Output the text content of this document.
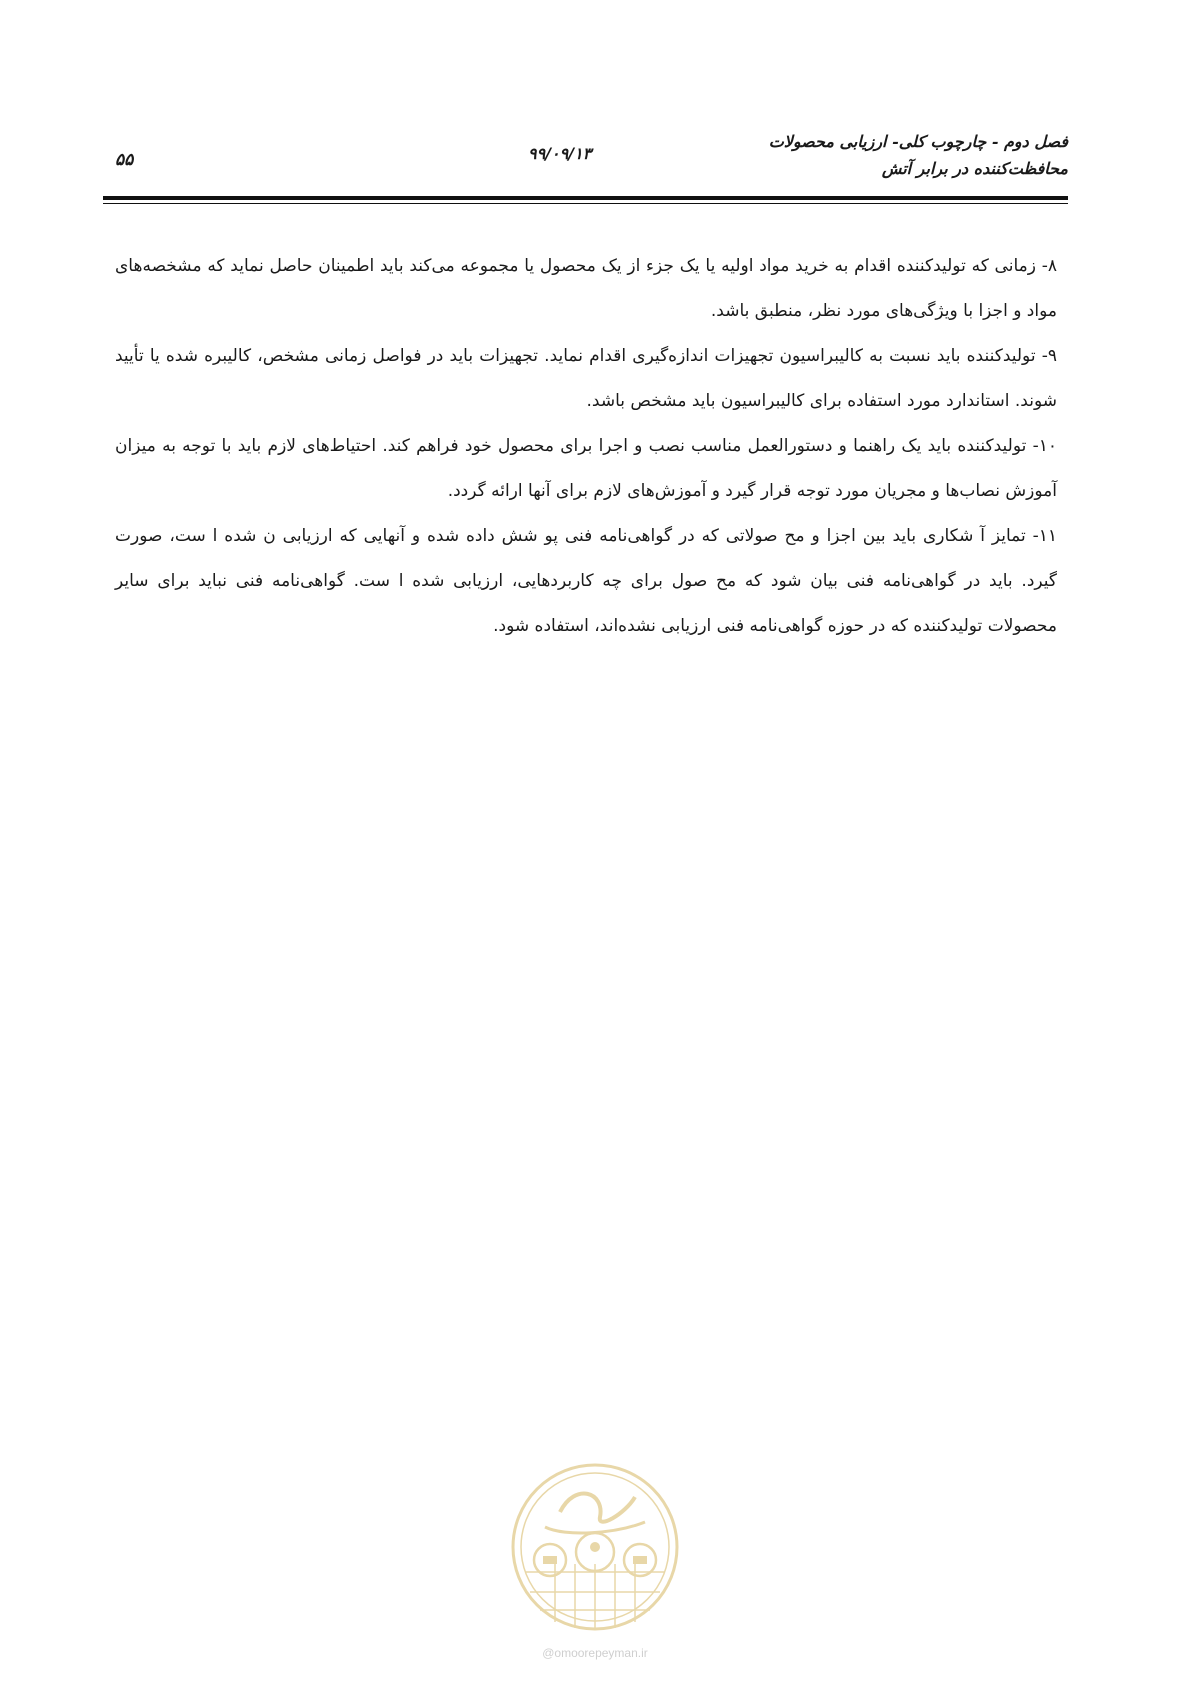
فصل دوم - چارچوب کلی- ارزیابی محصولات
محافظت‌کننده در برابر آتش
۹۹/۰۹/۱۳
۵۵

۸- زمانی که تولیدکننده اقدام به خرید مواد اولیه یا یک جزء از یک محصول یا مجموعه می‌کند باید اطمینان حاصل نماید که مشخصه‌های مواد و اجزا با ویژگی‌های مورد نظر، منطبق باشد.

۹- تولیدکننده باید نسبت به کالیبراسیون تجهیزات اندازه‌گیری اقدام نماید. تجهیزات باید در فواصل زمانی مشخص، کالیبره شده یا تأیید شوند. استاندارد مورد استفاده برای کالیبراسیون باید مشخص باشد.

۱۰- تولیدکننده باید یک راهنما و دستورالعمل مناسب نصب و اجرا برای محصول خود فراهم کند. احتیاط‌های لازم باید با توجه به میزان آموزش نصاب‌ها و مجریان مورد توجه قرار گیرد و آموزش‌های لازم برای آنها ارائه گردد.

۱۱- تمایز آ شکاری باید بین اجزا و مح صولاتی که در گواهی‌نامه فنی پو شش داده شده و آنهایی که ارزیابی ن شده ا ست، صورت گیرد. باید در گواهی‌نامه فنی بیان شود که مح صول برای چه کاربردهایی، ارزیابی شده ا ست. گواهی‌نامه فنی نباید برای سایر محصولات تولیدکننده که در حوزه گواهی‌نامه فنی ارزیابی نشده‌اند، استفاده شود.

@omoorepeyman.ir
